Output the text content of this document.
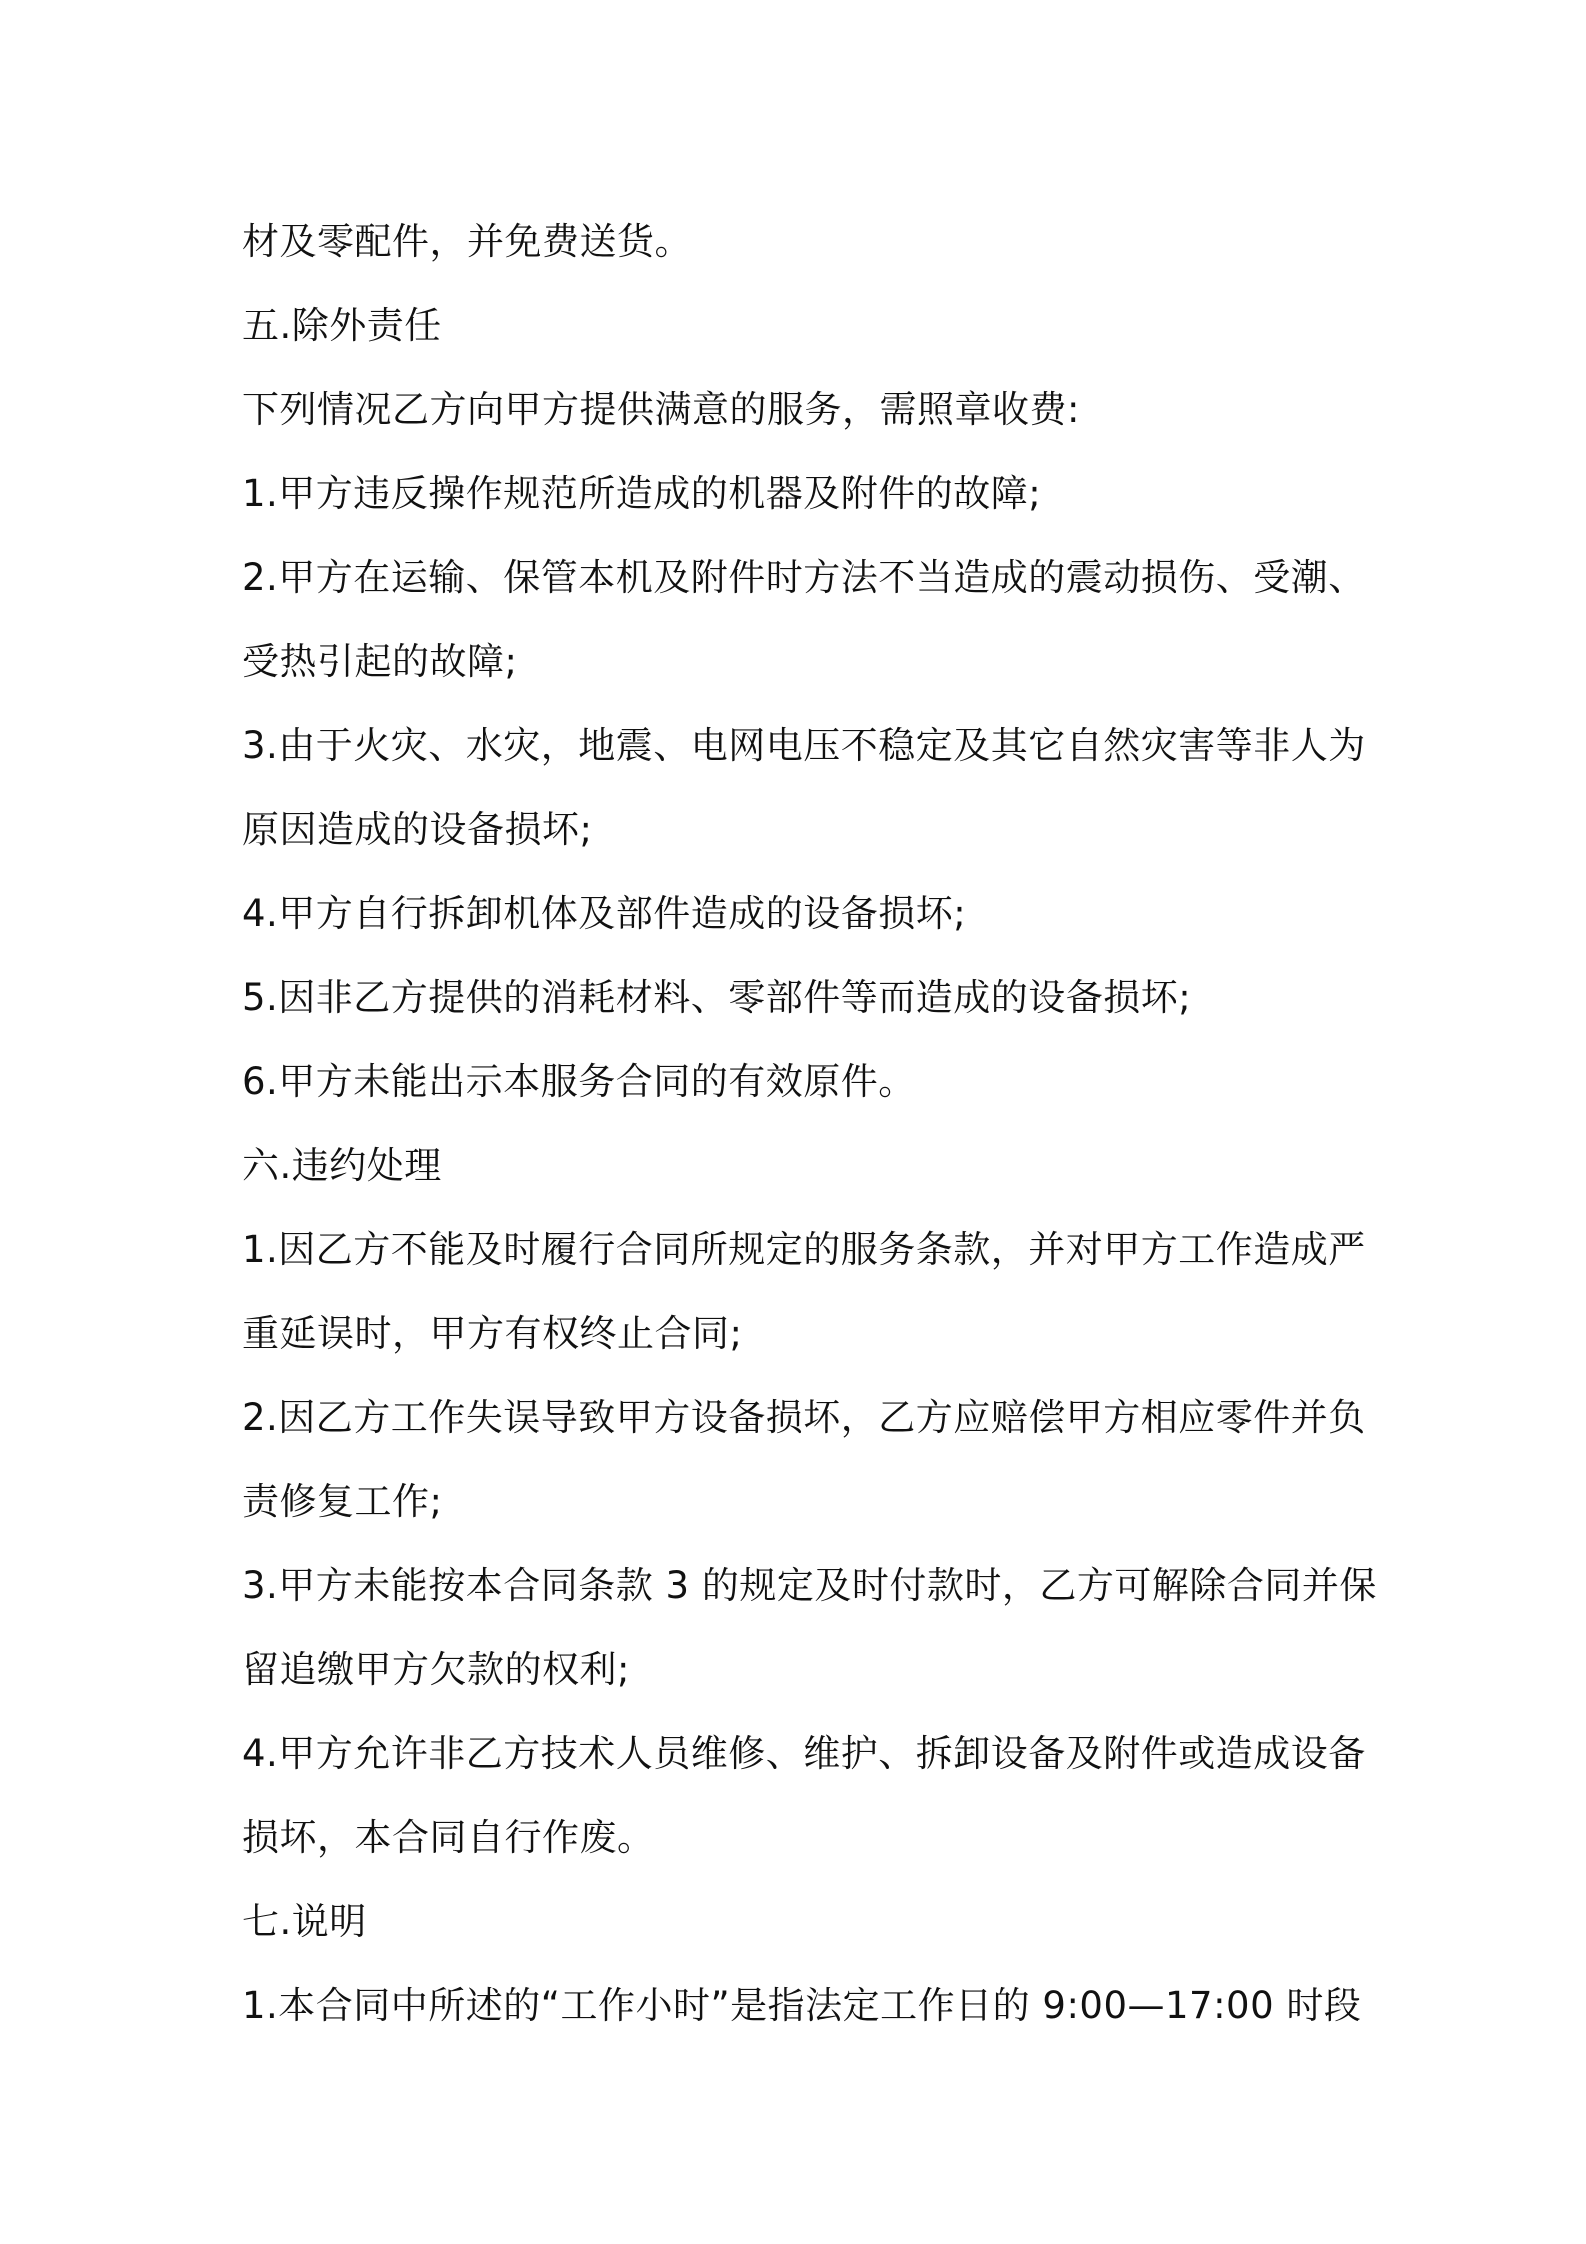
材及零配件，并免费送货。
五.除外责任
下列情况乙方向甲方提供满意的服务，需照章收费:
1.甲方违反操作规范所造成的机器及附件的故障;
2.甲方在运输、保管本机及附件时方法不当造成的震动损伤、受潮、
受热引起的故障;
3.由于火灾、水灾，地震、电网电压不稳定及其它自然灾害等非人为
原因造成的设备损坏;
4.甲方自行拆卸机体及部件造成的设备损坏;
5.因非乙方提供的消耗材料、零部件等而造成的设备损坏;
6.甲方未能出示本服务合同的有效原件。
六.违约处理
1.因乙方不能及时履行合同所规定的服务条款，并对甲方工作造成严
重延误时，甲方有权终止合同;
2.因乙方工作失误导致甲方设备损坏，乙方应赔偿甲方相应零件并负
责修复工作;
3.甲方未能按本合同条款 3 的规定及时付款时，乙方可解除合同并保
留追缴甲方欠款的权利;
4.甲方允许非乙方技术人员维修、维护、拆卸设备及附件或造成设备
损坏，本合同自行作废。
七.说明
1.本合同中所述的“工作小时”是指法定工作日的 9:00—17:00 时段
